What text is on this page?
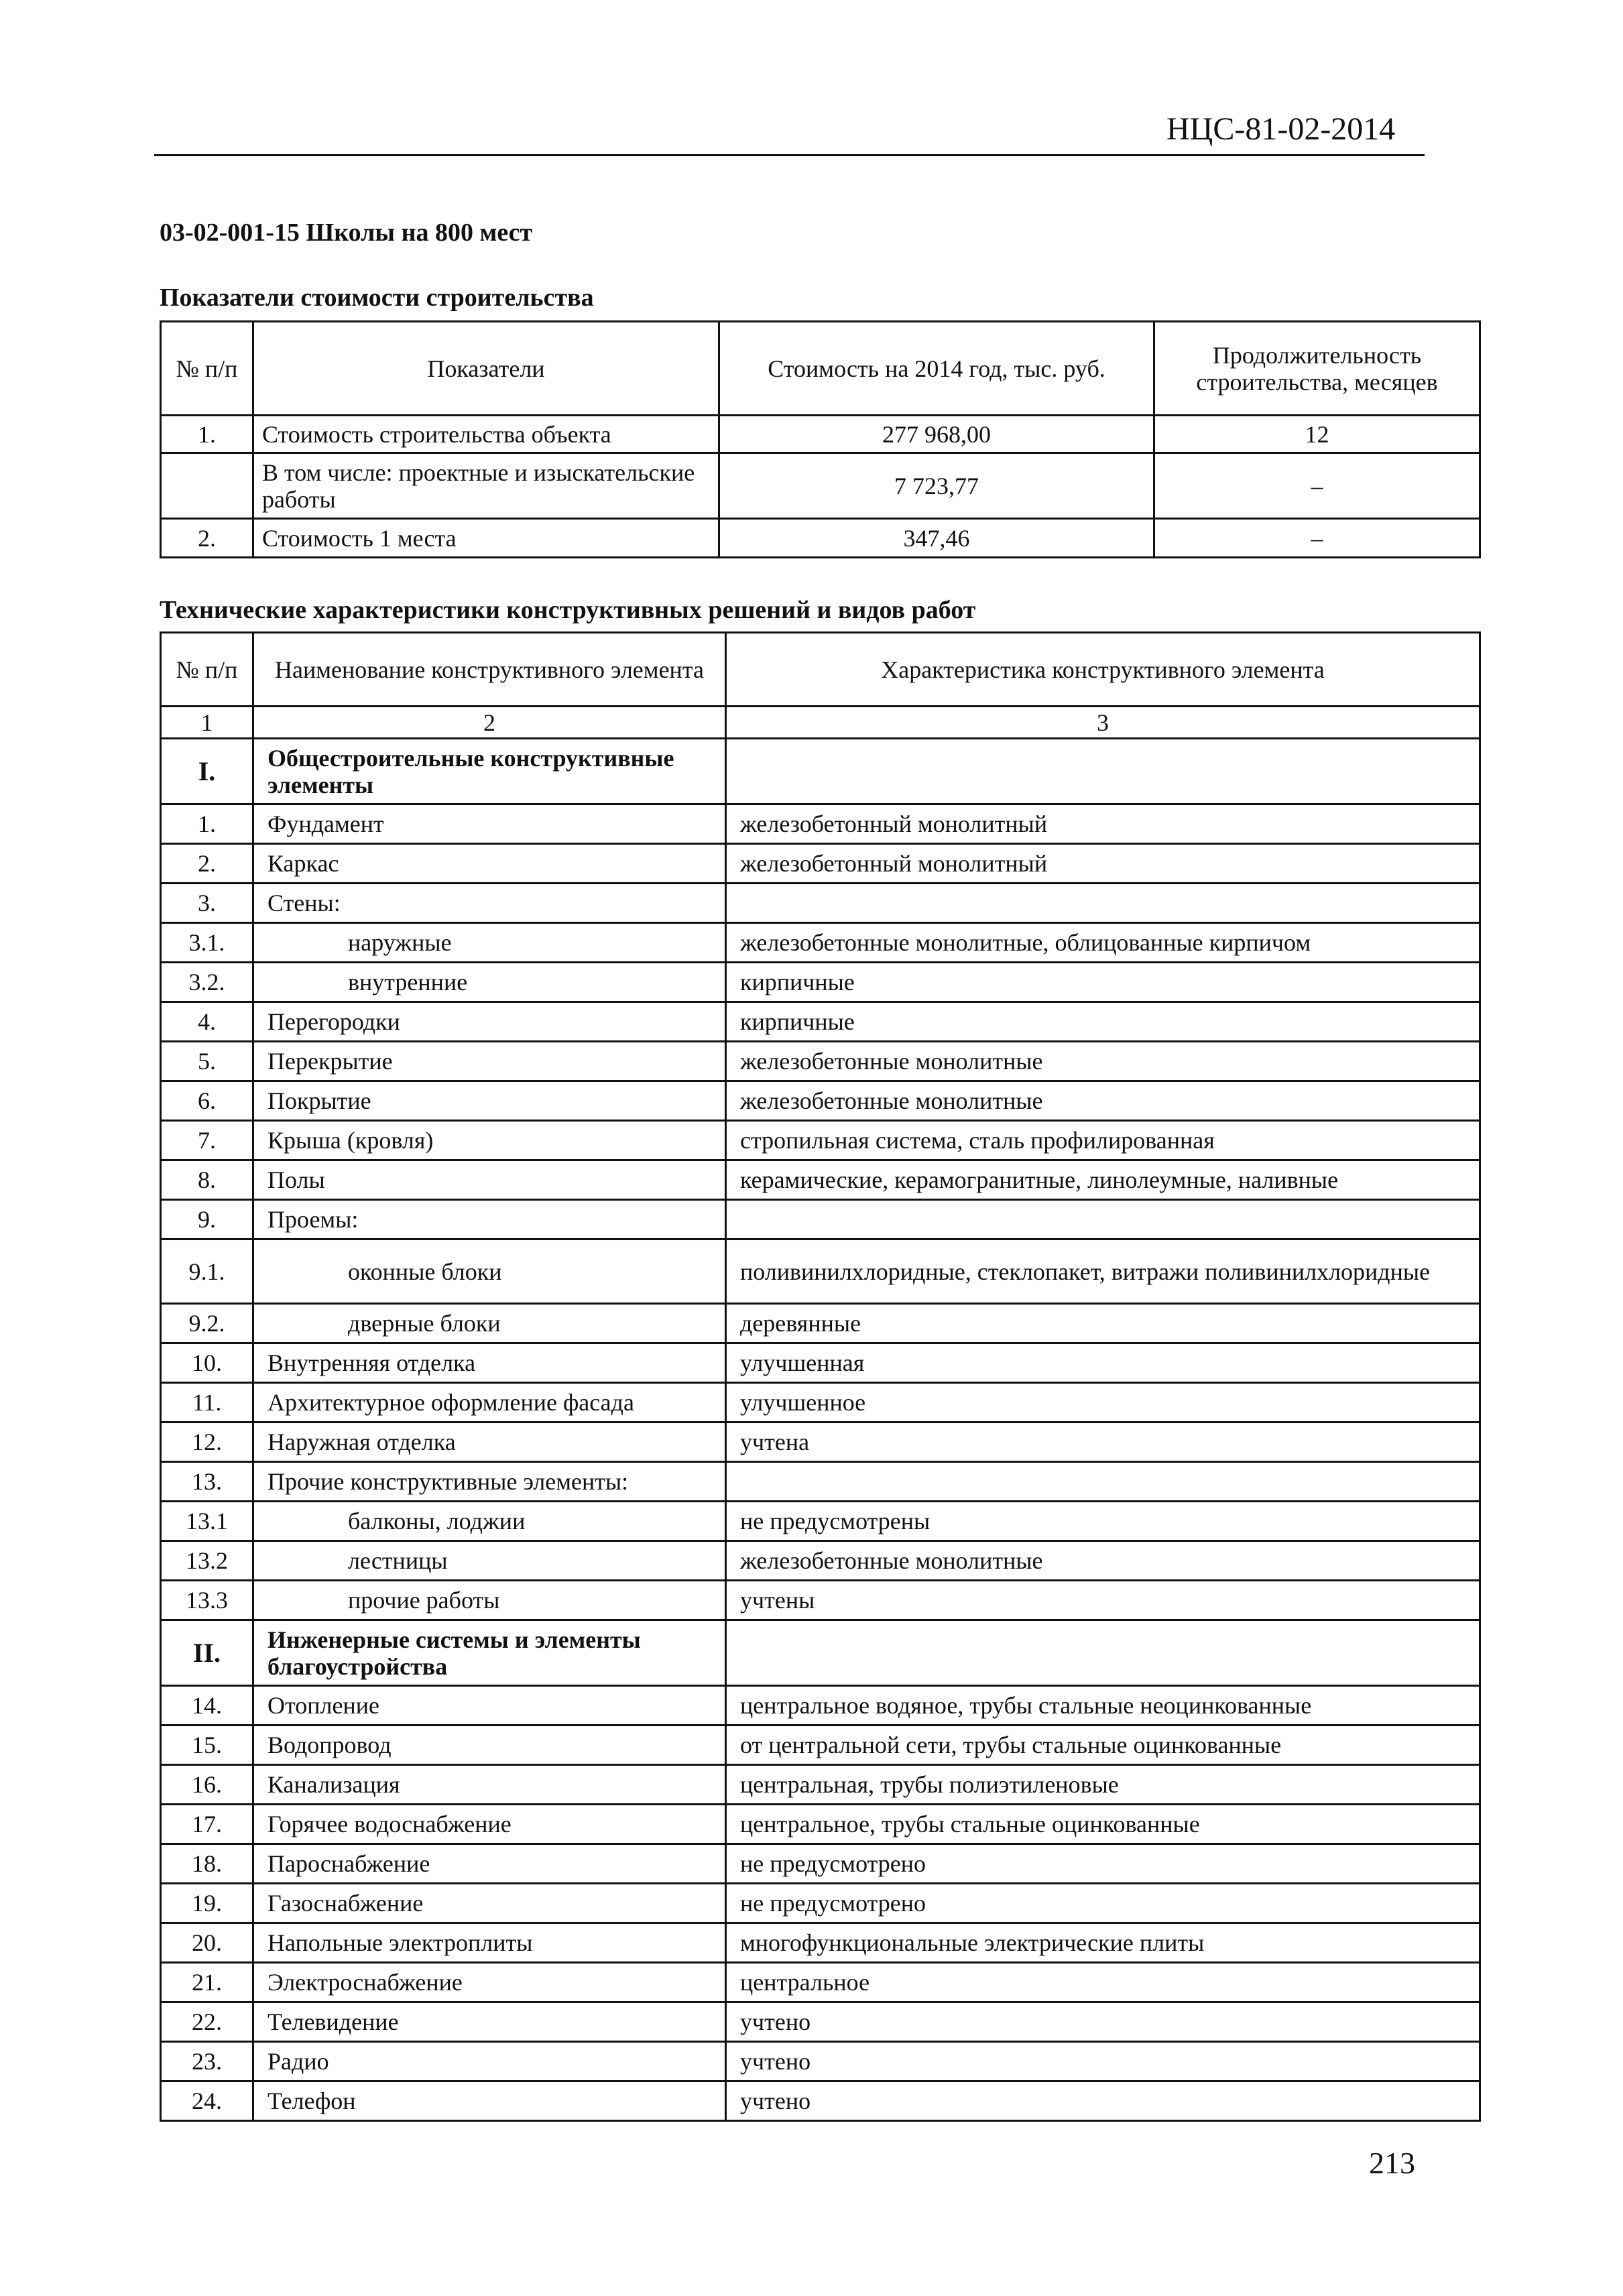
НЦС-81-02-2014
03-02-001-15 Школы на 800 мест
Показатели стоимости строительства
№ п/п	Показатели	Стоимость на 2014 год, тыс. руб.	Продолжительность строительства, месяцев
1.	Стоимость строительства объекта	277 968,00	12
	В том числе: проектные и изыскательские работы	7 723,77	–
2.	Стоимость 1 места	347,46	–
Технические характеристики конструктивных решений и видов работ
№ п/п	Наименование конструктивного элемента	Характеристика конструктивного элемента
1	2	3
I.	Общестроительные конструктивные элементы	
1.	Фундамент	железобетонный монолитный
2.	Каркас	железобетонный монолитный
3.	Стены:	
3.1.	наружные	железобетонные монолитные, облицованные кирпичом
3.2.	внутренние	кирпичные
4.	Перегородки	кирпичные
5.	Перекрытие	железобетонные монолитные
6.	Покрытие	железобетонные монолитные
7.	Крыша (кровля)	стропильная система, сталь профилированная
8.	Полы	керамические, керамогранитные, линолеумные, наливные
9.	Проемы:	
9.1.	оконные блоки	поливинилхлоридные, стеклопакет, витражи поливинилхлоридные
9.2.	дверные блоки	деревянные
10.	Внутренняя отделка	улучшенная
11.	Архитектурное оформление фасада	улучшенное
12.	Наружная отделка	учтена
13.	Прочие конструктивные элементы:	
13.1	балконы, лоджии	не предусмотрены
13.2	лестницы	железобетонные монолитные
13.3	прочие работы	учтены
II.	Инженерные системы и элементы благоустройства	
14.	Отопление	центральное водяное, трубы стальные неоцинкованные
15.	Водопровод	от центральной сети, трубы стальные оцинкованные
16.	Канализация	центральная, трубы полиэтиленовые
17.	Горячее водоснабжение	центральное, трубы стальные оцинкованные
18.	Пароснабжение	не предусмотрено
19.	Газоснабжение	не предусмотрено
20.	Напольные электроплиты	многофункциональные электрические плиты
21.	Электроснабжение	центральное
22.	Телевидение	учтено
23.	Радио	учтено
24.	Телефон	учтено
213
